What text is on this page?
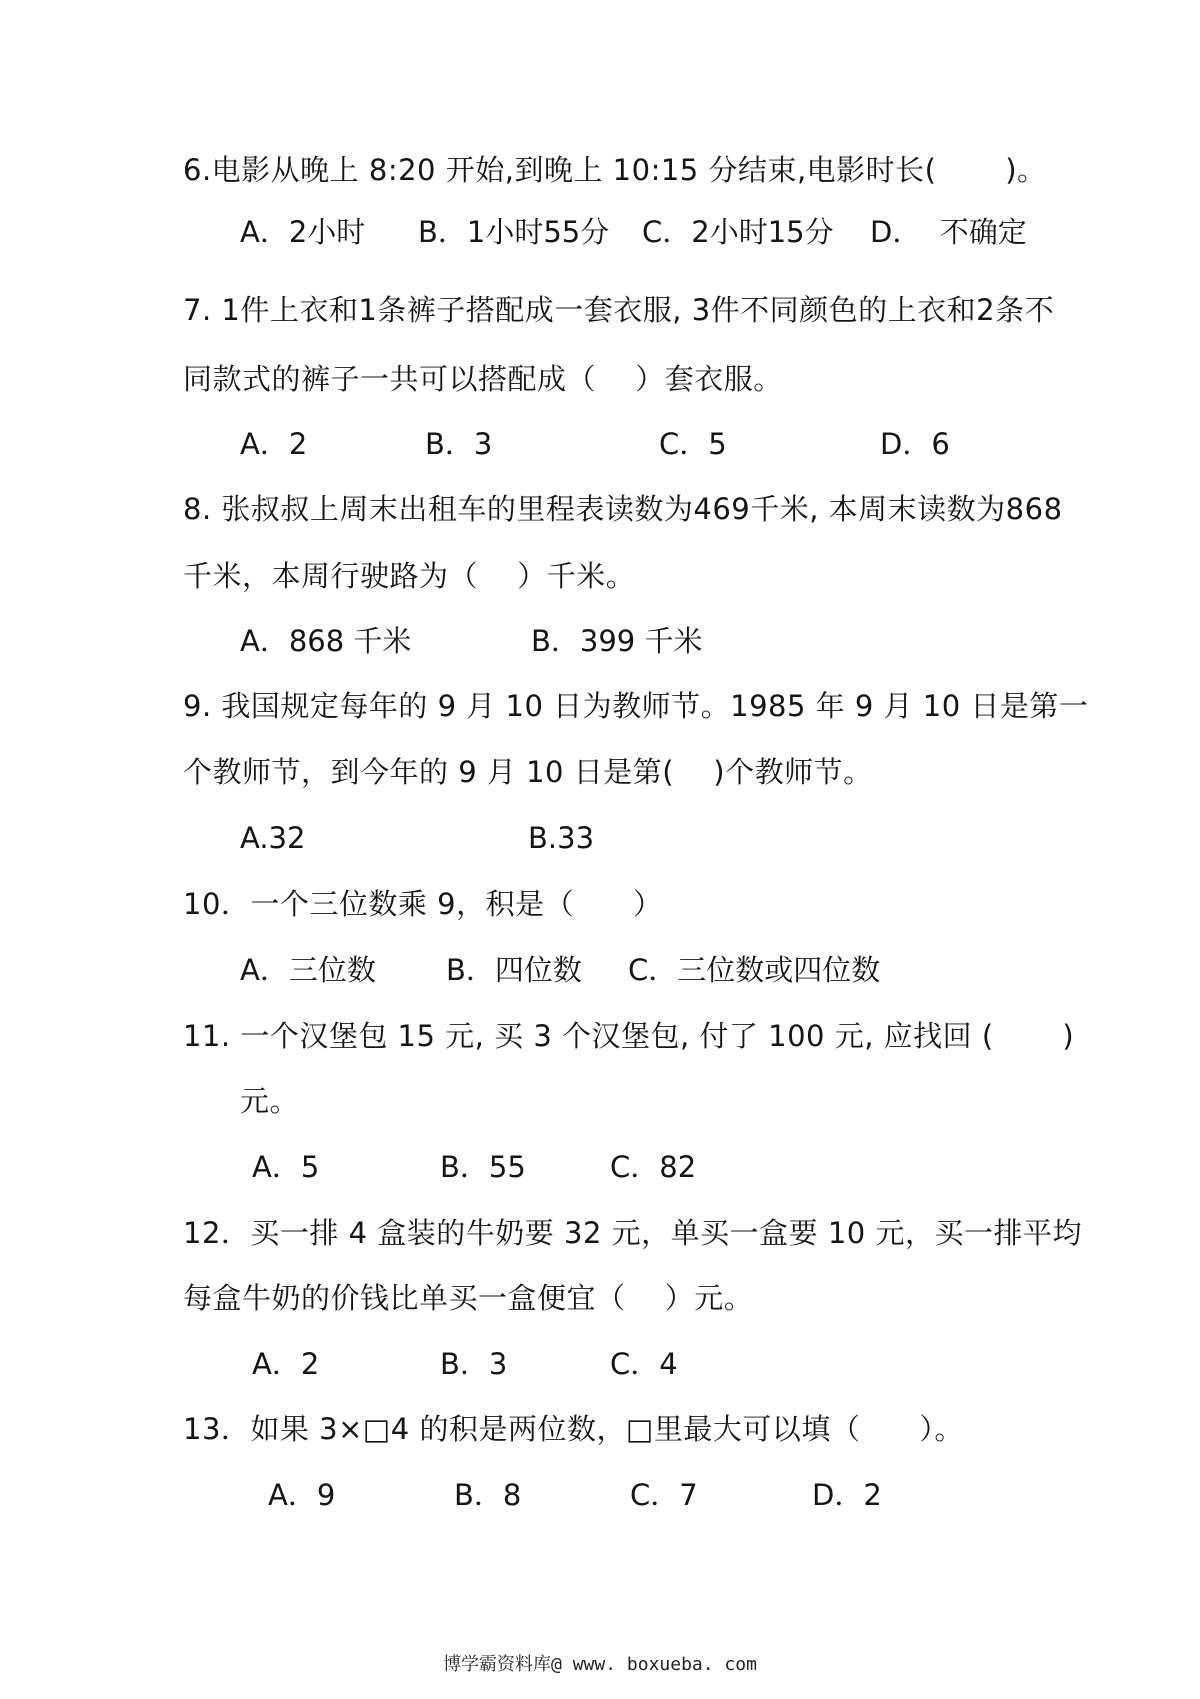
6.电影从晚上 8:20 开始,到晚上 10:15 分结束,电影时长(　　 )。
A．2小时 B．1小时55分 C．2小时15分 D．  不确定
7. 1件上衣和1条裤子搭配成一套衣服, 3件不同颜色的上衣和2条不
同款式的裤子一共可以搭配成（　 ）套衣服。
A．2	B．3	C．5	D．6
8. 张叔叔上周末出租车的里程表读数为469千米, 本周末读数为868
千米，本周行驶路为（　 ）千米。
A．868 千米	B．399 千米
9. 我国规定每年的 9 月 10 日为教师节。1985 年 9 月 10 日是第一
个教师节，到今年的 9 月 10 日是第(　 )个教师节。
A.32	B.33
10．一个三位数乘 9，积是（　　）
A．三位数 B．四位数 C．三位数或四位数
11. 一个汉堡包 15 元, 买 3 个汉堡包, 付了 100 元, 应找回 (　　 )
元。
A．5	B．55	C．82
12．买一排 4 盒装的牛奶要 32 元，单买一盒要 10 元，买一排平均
每盒牛奶的价钱比单买一盒便宜（　 ）元。
A．2	B．3	C．4
13．如果 3×□4 的积是两位数，□里最大可以填（　　）。
A．9	B．8	C．7	D．2
博学霸资料库@ www. boxueba. com
